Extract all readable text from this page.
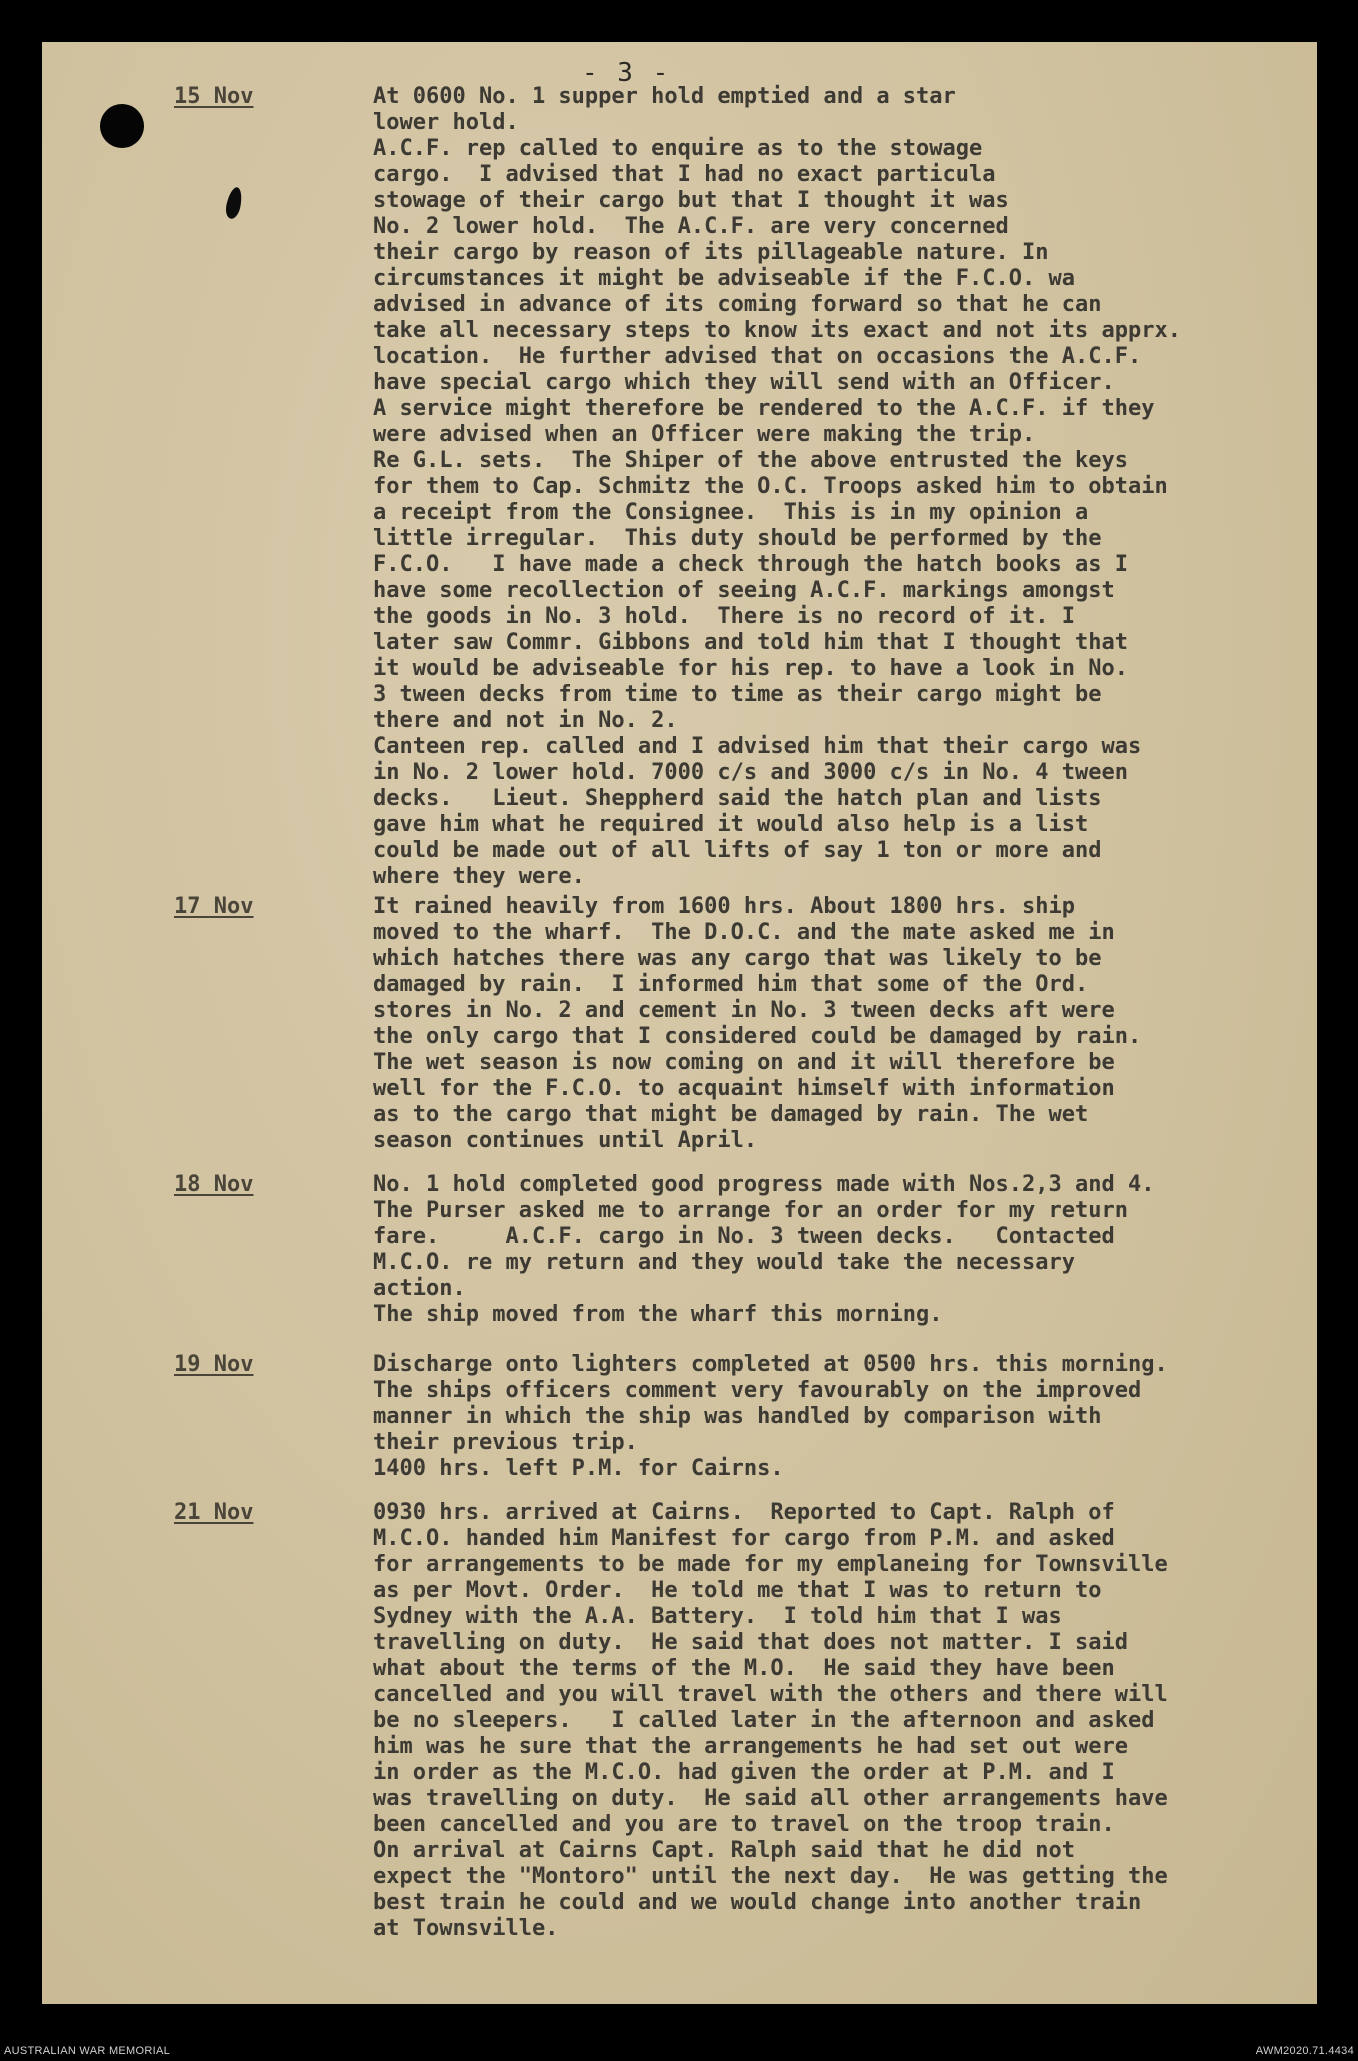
- 3 -
15 Nov	At 0600 No. 1 supper hold emptied and a star
lower hold.
A.C.F. rep called to enquire as to the stowage
cargo.  I advised that I had no exact particula
stowage of their cargo but that I thought it was
No. 2 lower hold.  The A.C.F. are very concerned
their cargo by reason of its pillageable nature. In
circumstances it might be adviseable if the F.C.O. wa
advised in advance of its coming forward so that he can
take all necessary steps to know its exact and not its apprx.
location.  He further advised that on occasions the A.C.F.
have special cargo which they will send with an Officer.
A service might therefore be rendered to the A.C.F. if they
were advised when an Officer were making the trip.
Re G.L. sets.  The Shiper of the above entrusted the keys
for them to Cap. Schmitz the O.C. Troops asked him to obtain
a receipt from the Consignee.  This is in my opinion a
little irregular.  This duty should be performed by the
F.C.O.   I have made a check through the hatch books as I
have some recollection of seeing A.C.F. markings amongst
the goods in No. 3 hold.  There is no record of it. I
later saw Commr. Gibbons and told him that I thought that
it would be adviseable for his rep. to have a look in No.
3 tween decks from time to time as their cargo might be
there and not in No. 2.
Canteen rep. called and I advised him that their cargo was
in No. 2 lower hold. 7000 c/s and 3000 c/s in No. 4 tween
decks.   Lieut. Sheppherd said the hatch plan and lists
gave him what he required it would also help is a list
could be made out of all lifts of say 1 ton or more and
where they were.
17 Nov	It rained heavily from 1600 hrs. About 1800 hrs. ship
moved to the wharf.  The D.O.C. and the mate asked me in
which hatches there was any cargo that was likely to be
damaged by rain.  I informed him that some of the Ord.
stores in No. 2 and cement in No. 3 tween decks aft were
the only cargo that I considered could be damaged by rain.
The wet season is now coming on and it will therefore be
well for the F.C.O. to acquaint himself with information
as to the cargo that might be damaged by rain. The wet
season continues until April.
18 Nov	No. 1 hold completed good progress made with Nos.2,3 and 4.
The Purser asked me to arrange for an order for my return
fare.     A.C.F. cargo in No. 3 tween decks.   Contacted
M.C.O. re my return and they would take the necessary
action.
The ship moved from the wharf this morning.
19 Nov	Discharge onto lighters completed at 0500 hrs. this morning.
The ships officers comment very favourably on the improved
manner in which the ship was handled by comparison with
their previous trip.
1400 hrs. left P.M. for Cairns.
21 Nov	0930 hrs. arrived at Cairns.  Reported to Capt. Ralph of
M.C.O. handed him Manifest for cargo from P.M. and asked
for arrangements to be made for my emplaneing for Townsville
as per Movt. Order.  He told me that I was to return to
Sydney with the A.A. Battery.  I told him that I was
travelling on duty.  He said that does not matter. I said
what about the terms of the M.O.  He said they have been
cancelled and you will travel with the others and there will
be no sleepers.   I called later in the afternoon and asked
him was he sure that the arrangements he had set out were
in order as the M.C.O. had given the order at P.M. and I
was travelling on duty.  He said all other arrangements have
been cancelled and you are to travel on the troop train.
On arrival at Cairns Capt. Ralph said that he did not
expect the "Montoro" until the next day.  He was getting the
best train he could and we would change into another train
at Townsville.
AUSTRALIAN WAR MEMORIAL	AWM2020.71.4434
